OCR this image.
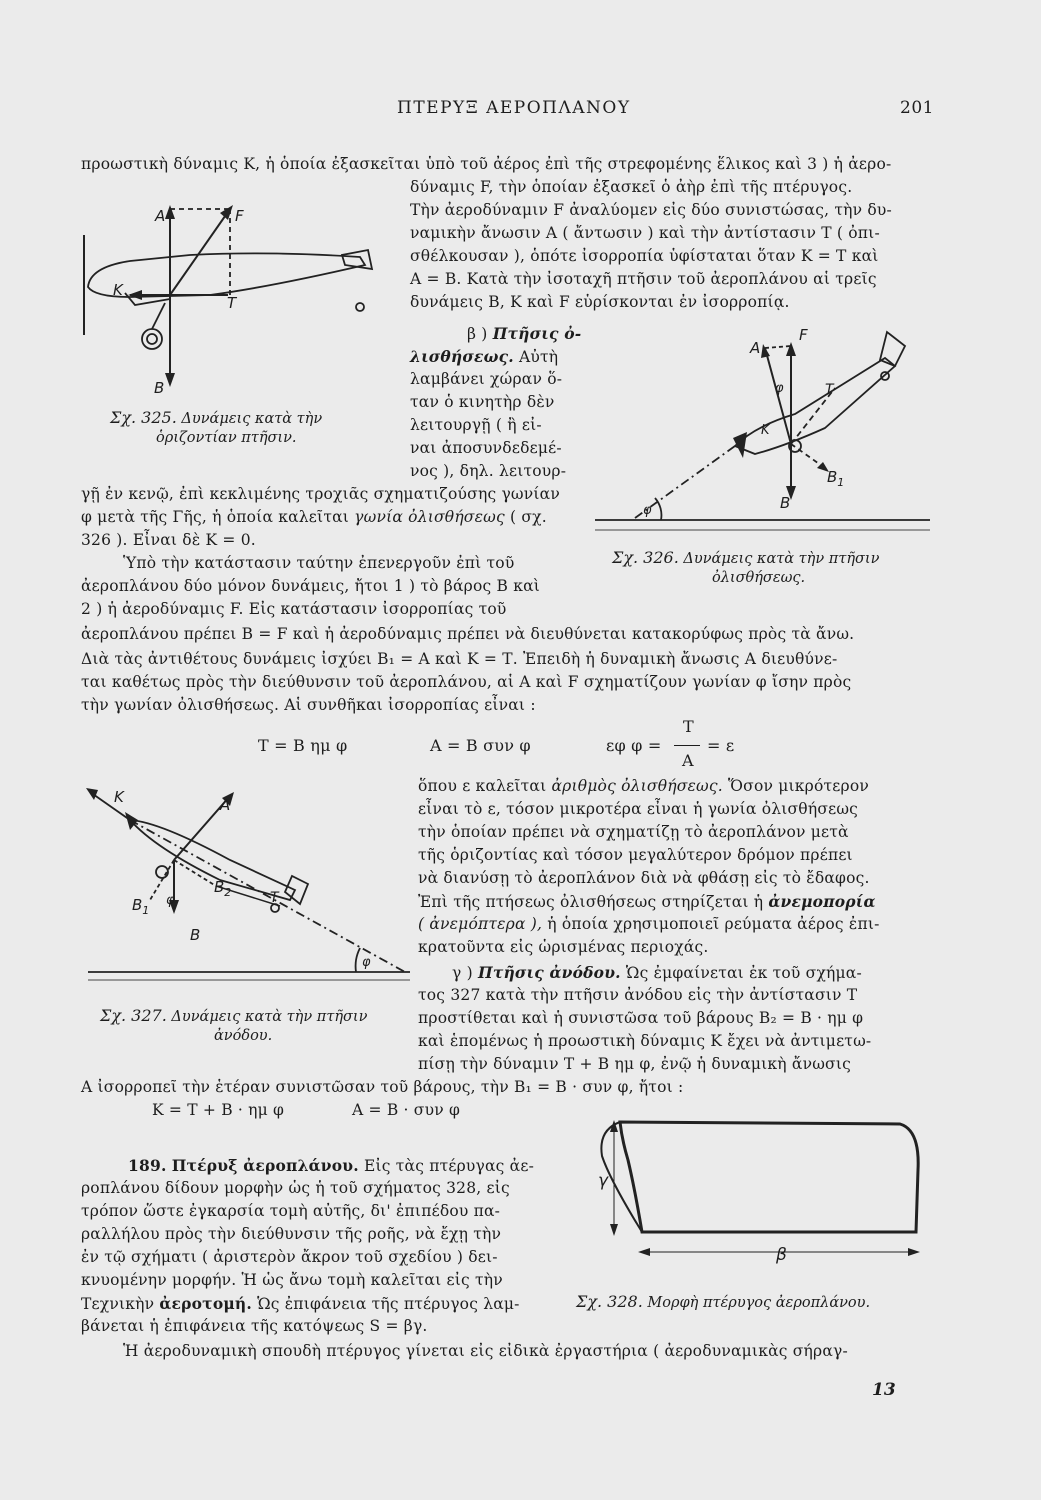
ΠΤΕΡΥΞ ΑΕΡΟΠΛΑΝΟΥ	201
προωστικὴ δύναμις Κ, ἡ ὁποία ἐξασκεῖται ὑπὸ τοῦ ἀέρος ἐπὶ τῆς στρεφομένης ἕλικος καὶ 3 ) ἡ ἀερο-
δύναμις F, τὴν ὁποίαν ἐξασκεῖ ὁ ἀὴρ ἐπὶ τῆς πτέρυγος.
Τὴν ἀεροδύναμιν F ἀναλύομεν εἰς δύο συνιστώσας, τὴν δυ-
ναμικὴν ἄνωσιν Α ( ἄντωσιν ) καὶ τὴν ἀντίστασιν Τ ( ὀπι-
σθέλκουσαν ), ὁπότε ἰσορροπία ὑφίσταται ὅταν Κ = Τ καὶ
Α = Β. Κατὰ τὴν ἰσοταχῆ πτῆσιν τοῦ ἀεροπλάνου αἱ τρεῖς
δυνάμεις Β, Κ καὶ F εὑρίσκονται ἐν ἰσορροπίᾳ.
A	F
K
T
B
Σχ. 325. Δυνάμεις κατὰ τὴν
ὁριζοντίαν πτῆσιν.
β ) Πτῆσις ὀ-
λισθήσεως. Αὐτὴ
λαμβάνει χώραν ὅ-
ταν ὁ κινητὴρ δὲν
λειτουργῇ ( ἢ εἰ-
ναι ἀποσυνδεδεμέ-
νος ), δηλ. λειτουρ-
γῇ ἐν κενῷ, ἐπὶ κεκλιμένης τροχιᾶς σχηματιζούσης γωνίαν
φ μετὰ τῆς Γῆς, ἡ ὁποία καλεῖται γωνία ὀλισθήσεως ( σχ.
326 ). Εἶναι δὲ Κ = 0.
Ὑπὸ τὴν κατάστασιν ταύτην ἐπενεργοῦν ἐπὶ τοῦ
ἀεροπλάνου δύο μόνον δυνάμεις, ἤτοι 1 ) τὸ βάρος Β καὶ
2 ) ἡ ἀεροδύναμις F. Εἰς κατάστασιν ἰσορροπίας τοῦ
ἀεροπλάνου πρέπει Β = F καὶ ἡ ἀεροδύναμις πρέπει νὰ διευθύνεται κατακορύφως πρὸς τὰ ἄνω.
Διὰ τὰς ἀντιθέτους δυνάμεις ἰσχύει Β₁ = Α καὶ Κ = Τ. Ἐπειδὴ ἡ δυναμικὴ ἄνωσις Α διευθύνε-
ται καθέτως πρὸς τὴν διεύθυνσιν τοῦ ἀεροπλάνου, αἱ Α καὶ F σχηματίζουν γωνίαν φ ἴσην πρὸς
τὴν γωνίαν ὀλισθήσεως. Αἱ συνθῆκαι ἰσορροπίας εἶναι :
A
F
φ	T
K
$B_1$
B
φ
Σχ. 326. Δυνάμεις κατὰ τὴν πτῆσιν
ὀλισθήσεως.
Τ = Β ημ φ	Α = Β συν φ	εφ φ =
Τ
Α
= ε
ὅπου ε καλεῖται ἀριθμὸς ὀλισθήσεως. Ὅσον μικρότερον
εἶναι τὸ ε, τόσον μικροτέρα εἶναι ἡ γωνία ὀλισθήσεως
τὴν ὁποίαν πρέπει νὰ σχηματίζῃ τὸ ἀεροπλάνον μετὰ
τῆς ὁριζοντίας καὶ τόσον μεγαλύτερον δρόμον πρέπει
νὰ διανύσῃ τὸ ἀεροπλάνον διὰ νὰ φθάσῃ εἰς τὸ ἔδαφος.
Ἐπὶ τῆς πτήσεως ὀλισθήσεως στηρίζεται ἡ ἀνεμοπορία
( ἀνεμόπτερα ), ἡ ὁποία χρησιμοποιεῖ ρεύματα ἀέρος ἐπι-
κρατοῦντα εἰς ὡρισμένας περιοχάς.
K	A
$B_2$	T
$B_1$
φ
B
φ
Σχ. 327. Δυνάμεις κατὰ τὴν πτῆσιν
ἀνόδου.
γ ) Πτῆσις ἀνόδου. Ὡς ἐμφαίνεται ἐκ τοῦ σχήμα-
τος 327 κατὰ τὴν πτῆσιν ἀνόδου εἰς τὴν ἀντίστασιν Τ
προστίθεται καὶ ἡ συνιστῶσα τοῦ βάρους Β₂ = Β · ημ φ
καὶ ἑπομένως ἡ προωστικὴ δύναμις Κ ἔχει νὰ ἀντιμετω-
πίσῃ τὴν δύναμιν Τ + Β ημ φ, ἐνῷ ἡ δυναμικὴ ἄνωσις
Α ἰσορροπεῖ τὴν ἑτέραν συνιστῶσαν τοῦ βάρους, τὴν Β₁ = Β · συν φ, ἤτοι :
Κ = Τ + Β · ημ φ	Α = Β · συν φ
189. Πτέρυξ ἀεροπλάνου. Εἰς τὰς πτέρυγας ἀε-
ροπλάνου δίδουν μορφὴν ὡς ἡ τοῦ σχήματος 328, εἰς
τρόπον ὥστε ἐγκαρσία τομὴ αὐτῆς, δι' ἐπιπέδου πα-
ραλλήλου πρὸς τὴν διεύθυνσιν τῆς ροῆς, νὰ ἔχῃ τὴν
ἐν τῷ σχήματι ( ἀριστερὸν ἄκρον τοῦ σχεδίου ) δει-
κνυομένην μορφήν. Ἡ ὡς ἄνω τομὴ καλεῖται εἰς τὴν
Τεχνικὴν ἀεροτομή. Ὡς ἐπιφάνεια τῆς πτέρυγος λαμ-
βάνεται ἡ ἐπιφάνεια τῆς κατόψεως S = βγ.
Ἡ ἀεροδυναμικὴ σπουδὴ πτέρυγος γίνεται εἰς εἰδικὰ ἐργαστήρια ( ἀεροδυναμικὰς σήραγ-
γ
β
Σχ. 328. Μορφὴ πτέρυγος ἀεροπλάνου.
13
